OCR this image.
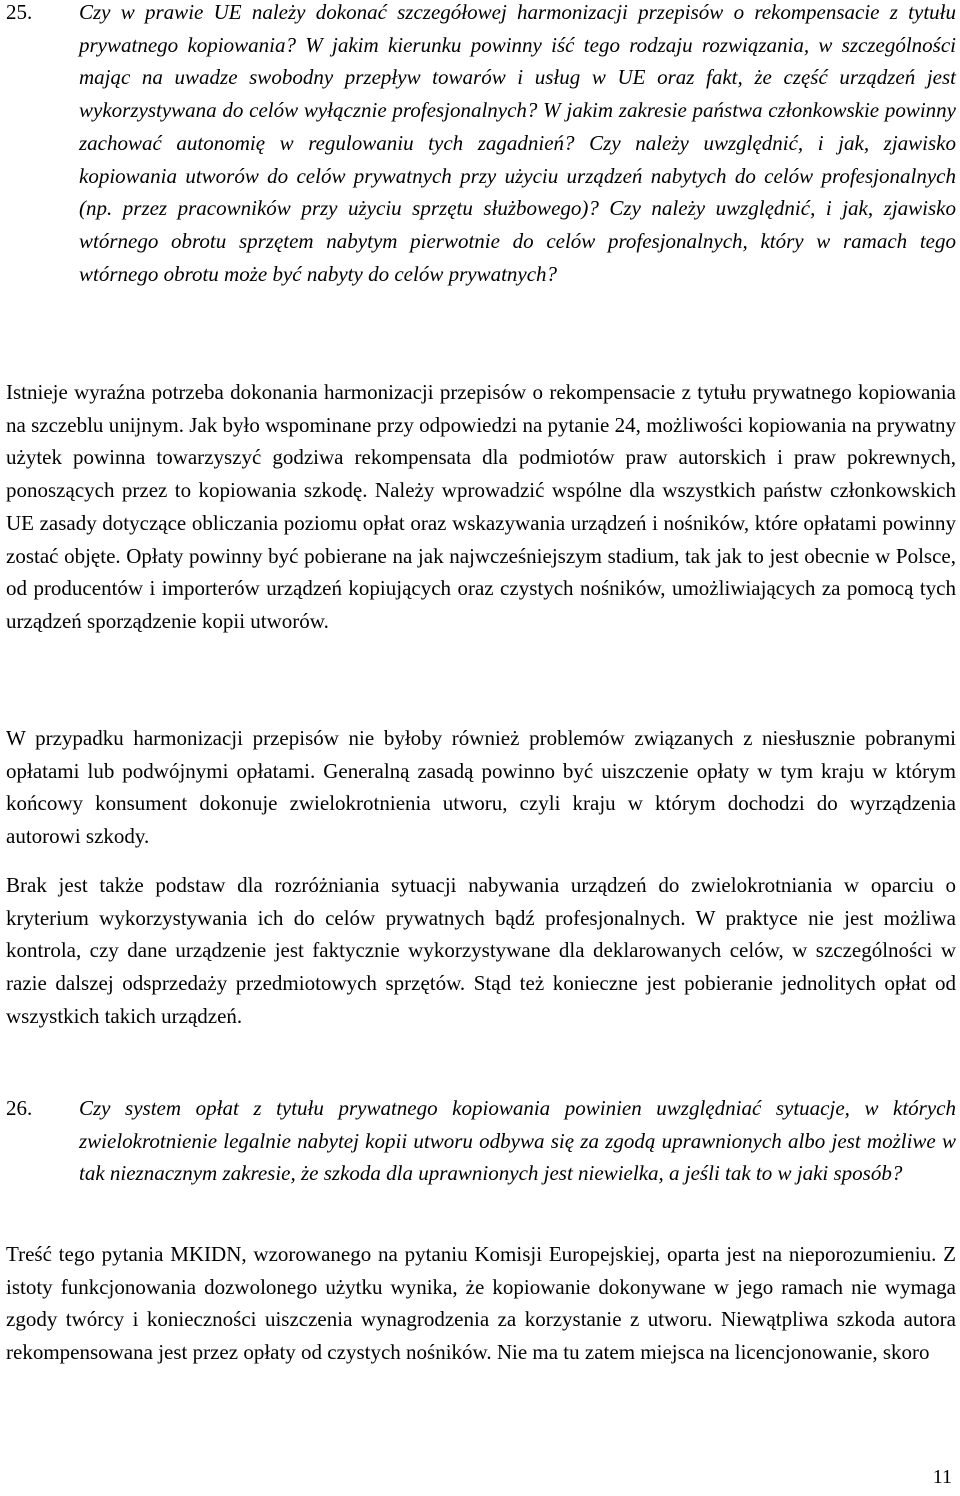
25. Czy w prawie UE należy dokonać szczegółowej harmonizacji przepisów o rekompensacie z tytułu prywatnego kopiowania? W jakim kierunku powinny iść tego rodzaju rozwiązania, w szczególności mając na uwadze swobodny przepływ towarów i usług w UE oraz fakt, że część urządzeń jest wykorzystywana do celów wyłącznie profesjonalnych? W jakim zakresie państwa członkowskie powinny zachować autonomię w regulowaniu tych zagadnień? Czy należy uwzględnić, i jak, zjawisko kopiowania utworów do celów prywatnych przy użyciu urządzeń nabytych do celów profesjonalnych (np. przez pracowników przy użyciu sprzętu służbowego)? Czy należy uwzględnić, i jak, zjawisko wtórnego obrotu sprzętem nabytym pierwotnie do celów profesjonalnych, który w ramach tego wtórnego obrotu może być nabyty do celów prywatnych?

Istnieje wyraźna potrzeba dokonania harmonizacji przepisów o rekompensacie z tytułu prywatnego kopiowania na szczeblu unijnym. Jak było wspominane przy odpowiedzi na pytanie 24, możliwości kopiowania na prywatny użytek powinna towarzyszyć godziwa rekompensata dla podmiotów praw autorskich i praw pokrewnych, ponoszących przez to kopiowania szkodę. Należy wprowadzić wspólne dla wszystkich państw członkowskich UE zasady dotyczące obliczania poziomu opłat oraz wskazywania urządzeń i nośników, które opłatami powinny zostać objęte. Opłaty powinny być pobierane na jak najwcześniejszym stadium, tak jak to jest obecnie w Polsce, od producentów i importerów urządzeń kopiujących oraz czystych nośników, umożliwiających za pomocą tych urządzeń sporządzenie kopii utworów.

W przypadku harmonizacji przepisów nie byłoby również problemów związanych z niesłusznie pobranymi opłatami lub podwójnymi opłatami. Generalną zasadą powinno być uiszczenie opłaty w tym kraju w którym końcowy konsument dokonuje zwielokrotnienia utworu, czyli kraju w którym dochodzi do wyrządzenia autorowi szkody.

Brak jest także podstaw dla rozróżniania sytuacji nabywania urządzeń do zwielokrotniania w oparciu o kryterium wykorzystywania ich do celów prywatnych bądź profesjonalnych. W praktyce nie jest możliwa kontrola, czy dane urządzenie jest faktycznie wykorzystywane dla deklarowanych celów, w szczególności w razie dalszej odsprzedaży przedmiotowych sprzętów. Stąd też konieczne jest pobieranie jednolitych opłat od wszystkich takich urządzeń.

26. Czy system opłat z tytułu prywatnego kopiowania powinien uwzględniać sytuacje, w których zwielokrotnienie legalnie nabytej kopii utworu odbywa się za zgodą uprawnionych albo jest możliwe w tak nieznacznym zakresie, że szkoda dla uprawnionych jest niewielka, a jeśli tak to w jaki sposób?

Treść tego pytania MKIDN, wzorowanego na pytaniu Komisji Europejskiej, oparta jest na nieporozumieniu. Z istoty funkcjonowania dozwolonego użytku wynika, że kopiowanie dokonywane w jego ramach nie wymaga zgody twórcy i konieczności uiszczenia wynagrodzenia za korzystanie z utworu. Niewątpliwa szkoda autora rekompensowana jest przez opłaty od czystych nośników. Nie ma tu zatem miejsca na licencjonowanie, skoro

11
